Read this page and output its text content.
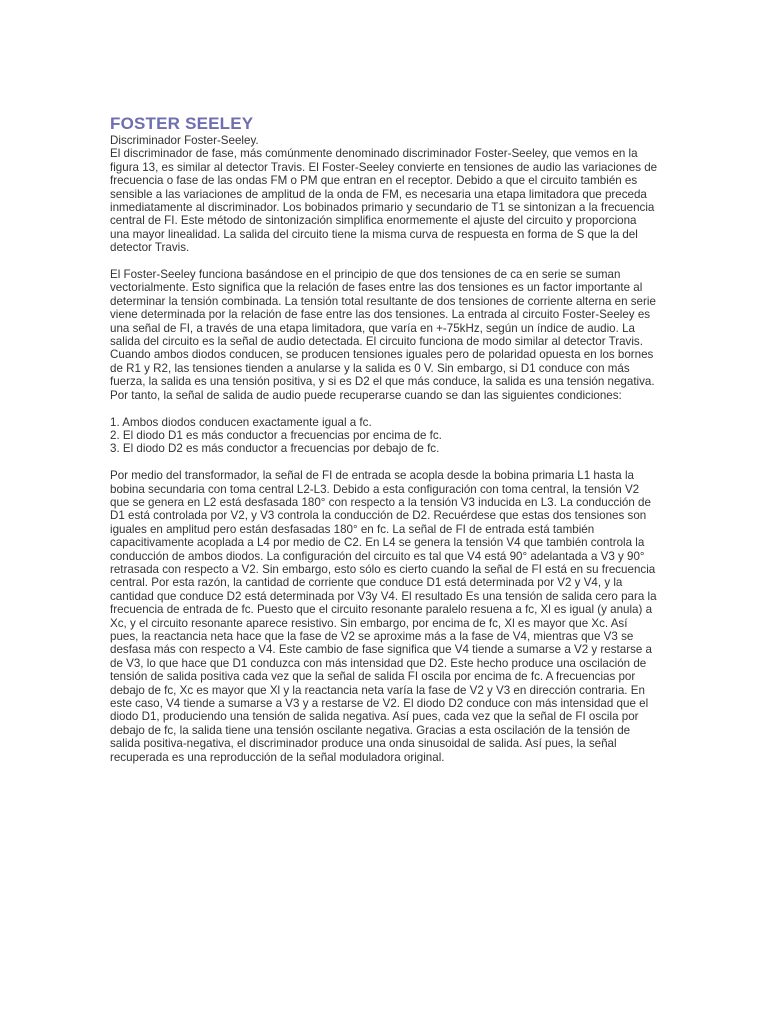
FOSTER SEELEY

Discriminador Foster-Seeley.
El discriminador de fase, más comúnmente denominado discriminador Foster-Seeley, que vemos en la figura 13, es similar al detector Travis. El Foster-Seeley convierte en tensiones de audio las variaciones de frecuencia o fase de las ondas FM o PM que entran en el receptor. Debido a que el circuito también es sensible a las variaciones de amplitud de la onda de FM, es necesaria una etapa limitadora que preceda inmediatamente al discriminador. Los bobinados primario y secundario de T1 se sintonizan a la frecuencia central de FI. Este método de sintonización simplifica enormemente el ajuste del circuito y proporciona una mayor linealidad. La salida del circuito tiene la misma curva de respuesta en forma de S que la del detector Travis.

El Foster-Seeley funciona basándose en el principio de que dos tensiones de ca en serie se suman vectorialmente. Esto significa que la relación de fases entre las dos tensiones es un factor importante al determinar la tensión combinada. La tensión total resultante de dos tensiones de corriente alterna en serie viene determinada por la relación de fase entre las dos tensiones. La entrada al circuito Foster-Seeley es una señal de FI, a través de una etapa limitadora, que varía en +-75kHz, según un índice de audio. La salida del circuito es la señal de audio detectada. El circuito funciona de modo similar al detector Travis. Cuando ambos diodos conducen, se producen tensiones iguales pero de polaridad opuesta en los bornes de R1 y R2, las tensiones tienden a anularse y la salida es 0 V. Sin embargo, si D1 conduce con más fuerza, la salida es una tensión positiva, y si es D2 el que más conduce, la salida es una tensión negativa. Por tanto, la señal de salida de audio puede recuperarse cuando se dan las siguientes condiciones:

1. Ambos diodos conducen exactamente igual a fc.
2. El diodo D1 es más conductor a frecuencias por encima de fc.
3. El diodo D2 es más conductor a frecuencias por debajo de fc.

Por medio del transformador, la señal de FI de entrada se acopla desde la bobina primaria L1 hasta la bobina secundaria con toma central L2-L3. Debido a esta configuración con toma central, la tensión V2 que se genera en L2 está desfasada 180° con respecto a la tensión V3 inducida en L3. La conducción de D1 está controlada por V2, y V3 controla la conducción de D2. Recuérdese que estas dos tensiones son iguales en amplitud pero están desfasadas 180° en fc. La señal de FI de entrada está también capacitivamente acoplada a L4 por medio de C2. En L4 se genera la tensión V4 que también controla la conducción de ambos diodos. La configuración del circuito es tal que V4 está 90° adelantada a V3 y 90° retrasada con respecto a V2. Sin embargo, esto sólo es cierto cuando la señal de FI está en su frecuencia central. Por esta razón, la cantidad de corriente que conduce D1 está determinada por V2 y V4, y la cantidad que conduce D2 está determinada por V3y V4. El resultado Es una tensión de salida cero para la frecuencia de entrada de fc. Puesto que el circuito resonante paralelo resuena a fc, Xl es igual (y anula) a Xc, y el circuito resonante aparece resistivo. Sin embargo, por encima de fc, Xl es mayor que Xc. Así pues, la reactancia neta hace que la fase de V2 se aproxime más a la fase de V4, mientras que V3 se desfasa más con respecto a V4. Este cambio de fase significa que V4 tiende a sumarse a V2 y restarse a de V3, lo que hace que D1 conduzca con más intensidad que D2. Este hecho produce una oscilación de tensión de salida positiva cada vez que la señal de salida FI oscila por encima de fc. A frecuencias por debajo de fc, Xc es mayor que Xl y la reactancia neta varía la fase de V2 y V3 en dirección contraria. En este caso, V4 tiende a sumarse a V3 y a restarse de V2. El diodo D2 conduce con más intensidad que el diodo D1, produciendo una tensión de salida negativa. Así pues, cada vez que la señal de FI oscila por debajo de fc, la salida tiene una tensión oscilante negativa. Gracias a esta oscilación de la tensión de salida positiva-negativa, el discriminador produce una onda sinusoidal de salida. Así pues, la señal recuperada es una reproducción de la señal moduladora original.
